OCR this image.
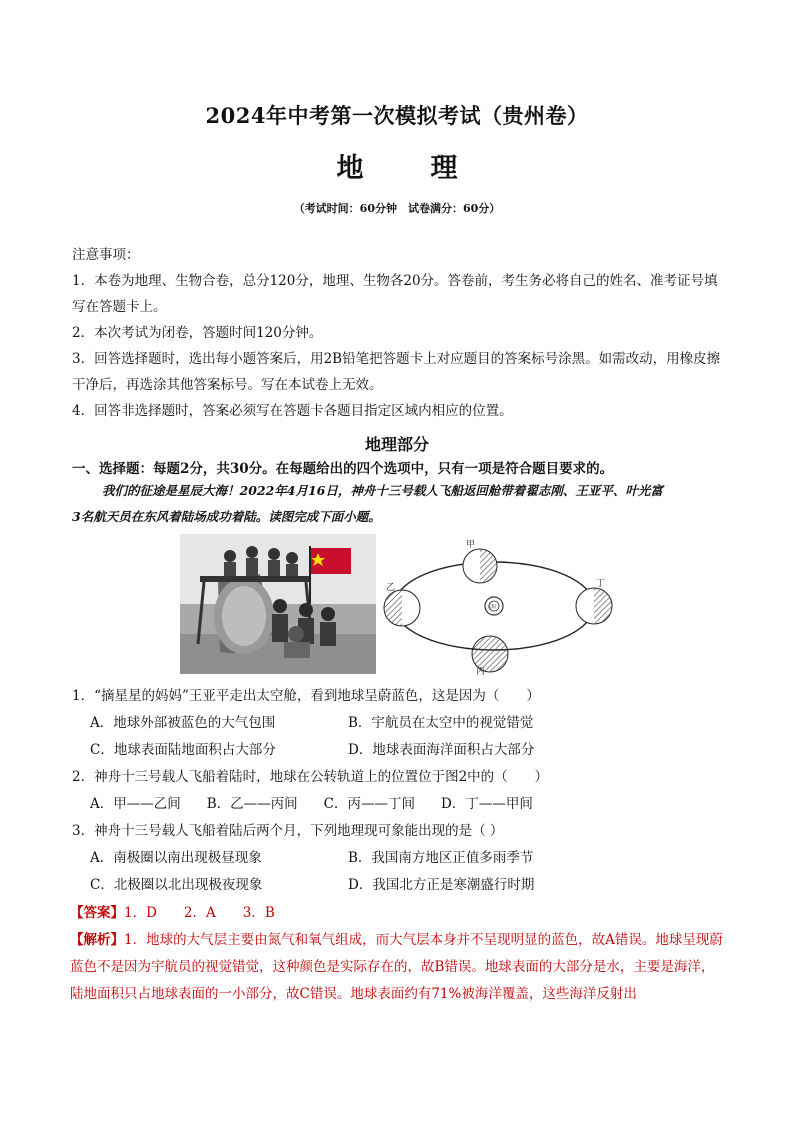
2024年中考第一次模拟考试（贵州卷）
地　理
（考试时间：60分钟　试卷满分：60分）

注意事项：

1．本卷为地理、生物合卷，总分120分，地理、生物各20分。答卷前，考生务必将自己的姓名、准考证号填写在答题卡上。

2．本次考试为闭卷，答题时间120分钟。

3．回答选择题时，选出每小题答案后，用2B铅笔把答题卡上对应题目的答案标号涂黑。如需改动，用橡皮擦干净后，再选涂其他答案标号。写在本试卷上无效。

4．回答非选择题时，答案必须写在答题卡各题目指定区域内相应的位置。

地理部分
一、选择题：每题2分，共30分。在每题给出的四个选项中，只有一项是符合题目要求的。
我们的征途是星辰大海！2022年4月16日，神舟十三号载人飞船返回舱带着翟志刚、王亚平、叶光富
3名航天员在东风着陆场成功着陆。读图完成下面小题。
甲
乙
丙
丁
太阳

1．“摘星星的妈妈”王亚平走出太空舱，看到地球呈蔚蓝色，这是因为（　　）

A．地球外部被蓝色的大气包围	B．宇航员在太空中的视觉错觉
C．地球表面陆地面积占大部分	D．地球表面海洋面积占大部分

2．神舟十三号载人飞船着陆时，地球在公转轨道上的位置位于图2中的（　　）

A．甲——乙间 B．乙——丙间 C．丙——丁间 D．丁——甲间

3．神舟十三号载人飞船着陆后两个月，下列地理现可象能出现的是（ ）

A．南极圈以南出现极昼现象	B．我国南方地区正值多雨季节
C．北极圈以北出现极夜现象	D．我国北方正是寒潮盛行时期
【答案】1．D　　2．A　　3．B
【解析】1．地球的大气层主要由氮气和氧气组成，而大气层本身并不呈现明显的蓝色，故A错误。地球呈现蔚蓝色不是因为宇航员的视觉错觉，这种颜色是实际存在的，故B错误。地球表面的大部分是水，主要是海洋，陆地面积只占地球表面的一小部分，故C错误。地球表面约有71%被海洋覆盖，这些海洋反射出
